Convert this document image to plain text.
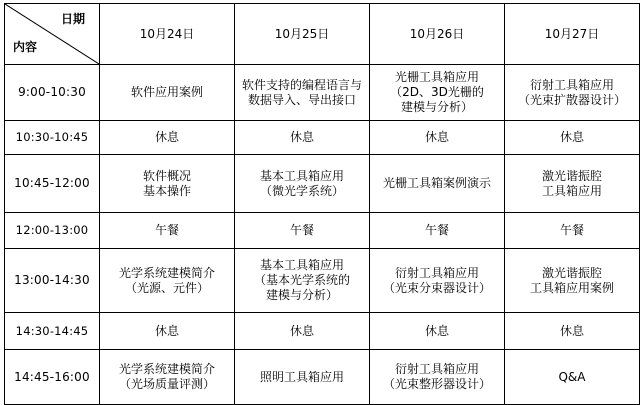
日期

内容	10月24日	10月25日	10月26日	10月27日
9:00-10:30	软件应用案例	软件支持的编程语言与
数据导入、导出接口	光栅工具箱应用
（2D、3D光栅的
建模与分析）	衍射工具箱应用
（光束扩散器设计）
10:30-10:45	休息	休息	休息	休息
10:45-12:00	软件概况
基本操作	基本工具箱应用
（微光学系统）	光栅工具箱案例演示	激光谐振腔
工具箱应用
12:00-13:00	午餐	午餐	午餐	午餐
13:00-14:30	光学系统建模简介
（光源、元件）	基本工具箱应用
（基本光学系统的
建模与分析）	衍射工具箱应用
（光束分束器设计）	激光谐振腔
工具箱应用案例
14:30-14:45	休息	休息	休息	休息
14:45-16:00	光学系统建模简介
（光场质量评测）	照明工具箱应用	衍射工具箱应用
（光束整形器设计）	Q&A
